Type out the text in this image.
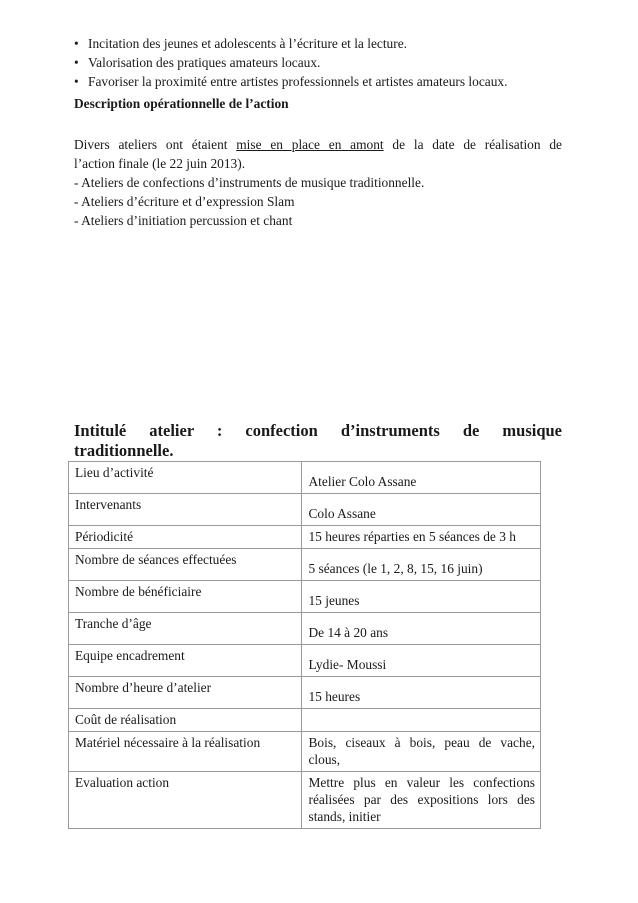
• Incitation des jeunes et adolescents à l’écriture et la lecture.
• Valorisation des pratiques amateurs locaux.
• Favoriser la proximité entre artistes professionnels et artistes amateurs locaux.
Description opérationnelle de l’action
Divers ateliers ont étaient mise en place en amont de la date de réalisation de
l’action finale (le 22 juin 2013).
- Ateliers de confections d’instruments de musique traditionnelle.
- Ateliers d’écriture et d’expression Slam
- Ateliers d’initiation percussion et chant
Intitulé atelier : confection d’instruments de musique
traditionnelle.
Lieu d’activité	Atelier Colo Assane
Intervenants	Colo Assane
Périodicité	15 heures réparties en 5 séances de 3 h
Nombre de séances effectuées	5 séances (le 1, 2, 8, 15, 16 juin)
Nombre de bénéficiaire	15 jeunes
Tranche d’âge	De 14 à 20 ans
Equipe encadrement	Lydie- Moussi
Nombre d’heure d’atelier	15 heures
Coût de réalisation	
Matériel nécessaire à la réalisation	Bois, ciseaux à bois, peau de vache, clous,
Evaluation action	Mettre plus en valeur les confections réalisées par des expositions lors des stands, initier
